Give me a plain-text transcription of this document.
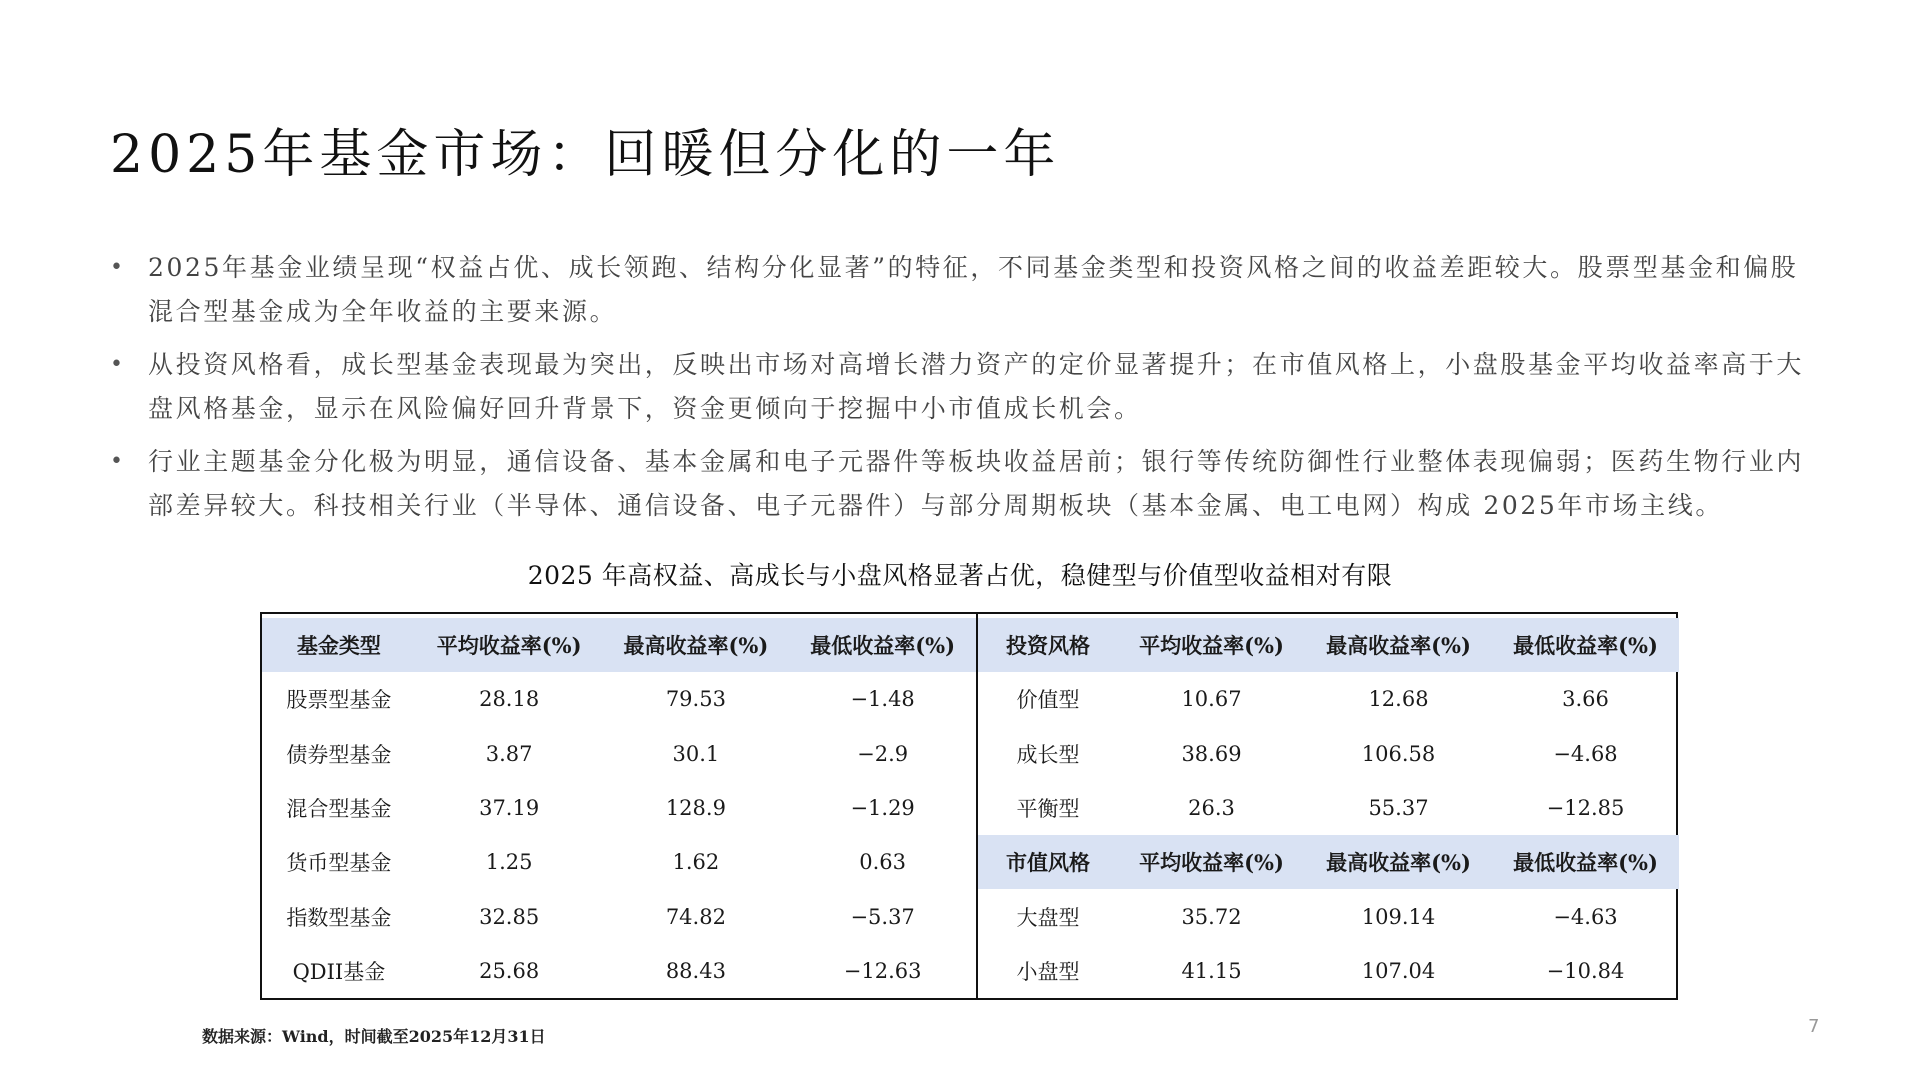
2025年基金市场：回暖但分化的一年
• 2025年基金业绩呈现“权益占优、成长领跑、结构分化显著”的特征，不同基金类型和投资风格之间的收益差距较大。股票型基金和偏股混合型基金成为全年收益的主要来源。
• 从投资风格看，成长型基金表现最为突出，反映出市场对高增长潜力资产的定价显著提升；在市值风格上，小盘股基金平均收益率高于大盘风格基金，显示在风险偏好回升背景下，资金更倾向于挖掘中小市值成长机会。
• 行业主题基金分化极为明显，通信设备、基本金属和电子元器件等板块收益居前；银行等传统防御性行业整体表现偏弱；医药生物行业内部差异较大。科技相关行业（半导体、通信设备、电子元器件）与部分周期板块（基本金属、电工电网）构成 2025年市场主线。
2025 年高权益、高成长与小盘风格显著占优，稳健型与价值型收益相对有限
基金类型	平均收益率(%)	最高收益率(%)	最低收益率(%)
股票型基金	28.18	79.53	−1.48
债券型基金	3.87	30.1	−2.9
混合型基金	37.19	128.9	−1.29
货币型基金	1.25	1.62	0.63
指数型基金	32.85	74.82	−5.37
QDII基金	25.68	88.43	−12.63
投资风格	平均收益率(%)	最高收益率(%)	最低收益率(%)
价值型	10.67	12.68	3.66
成长型	38.69	106.58	−4.68
平衡型	26.3	55.37	−12.85
市值风格	平均收益率(%)	最高收益率(%)	最低收益率(%)
大盘型	35.72	109.14	−4.63
小盘型	41.15	107.04	−10.84
数据来源：Wind，时间截至2025年12月31日	7
